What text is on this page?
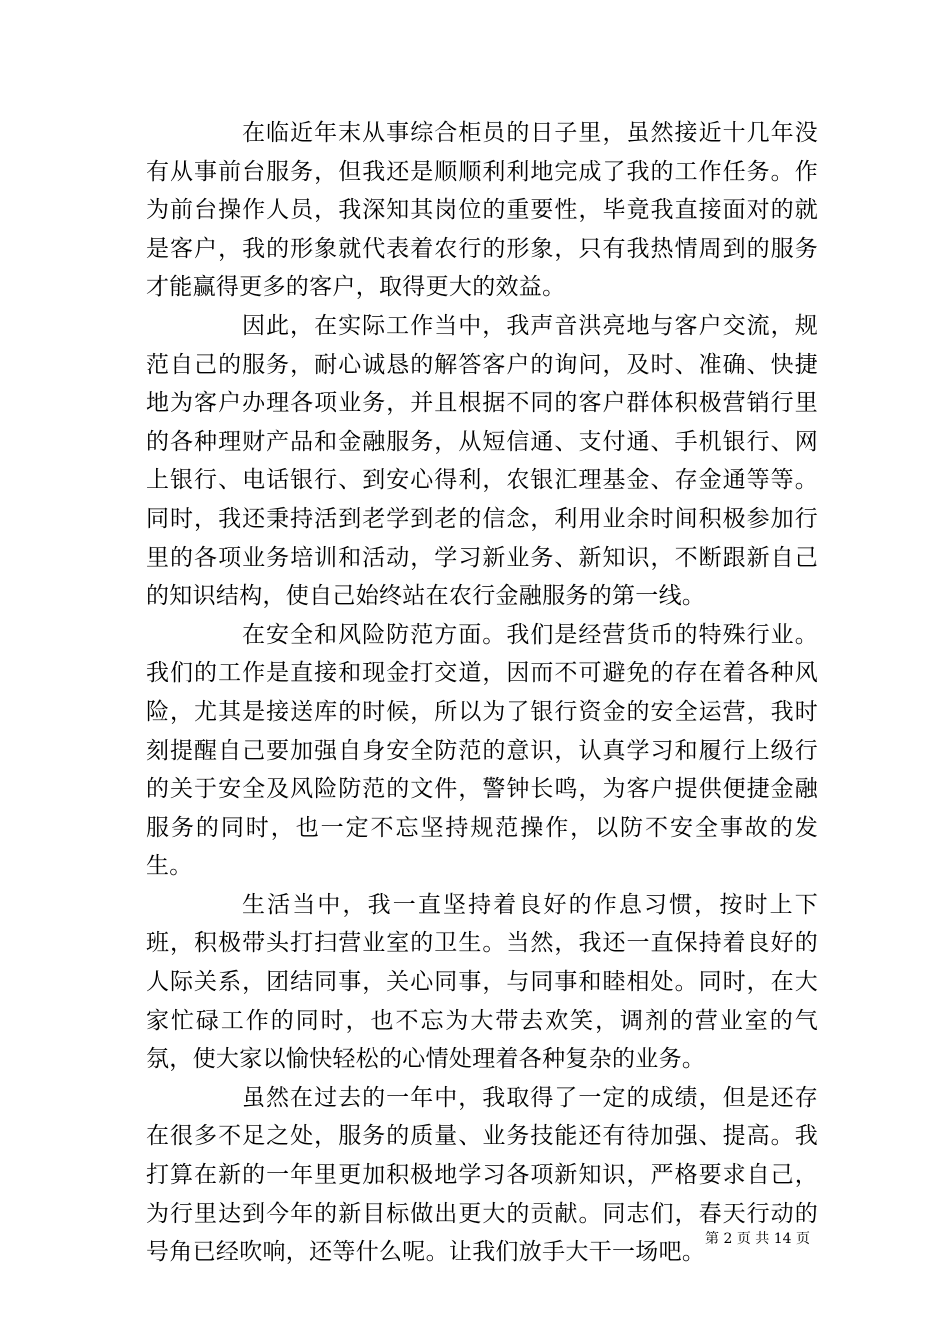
在临近年末从事综合柜员的日子里，虽然接近十几年没有从事前台服务，但我还是顺顺利利地完成了我的工作任务。作为前台操作人员，我深知其岗位的重要性，毕竟我直接面对的就是客户，我的形象就代表着农行的形象，只有我热情周到的服务才能赢得更多的客户，取得更大的效益。

因此，在实际工作当中，我声音洪亮地与客户交流，规范自己的服务，耐心诚恳的解答客户的询问，及时、准确、快捷地为客户办理各项业务，并且根据不同的客户群体积极营销行里的各种理财产品和金融服务，从短信通、支付通、手机银行、网上银行、电话银行、到安心得利，农银汇理基金、存金通等等。同时，我还秉持活到老学到老的信念，利用业余时间积极参加行里的各项业务培训和活动，学习新业务、新知识，不断跟新自己的知识结构，使自己始终站在农行金融服务的第一线。

在安全和风险防范方面。我们是经营货币的特殊行业。我们的工作是直接和现金打交道，因而不可避免的存在着各种风险，尤其是接送库的时候，所以为了银行资金的安全运营，我时刻提醒自己要加强自身安全防范的意识，认真学习和履行上级行的关于安全及风险防范的文件，警钟长鸣，为客户提供便捷金融服务的同时，也一定不忘坚持规范操作，以防不安全事故的发生。

生活当中，我一直坚持着良好的作息习惯，按时上下班，积极带头打扫营业室的卫生。当然，我还一直保持着良好的人际关系，团结同事，关心同事，与同事和睦相处。同时，在大家忙碌工作的同时，也不忘为大带去欢笑，调剂的营业室的气氛，使大家以愉快轻松的心情处理着各种复杂的业务。

虽然在过去的一年中，我取得了一定的成绩，但是还存在很多不足之处，服务的质量、业务技能还有待加强、提高。我打算在新的一年里更加积极地学习各项新知识，严格要求自己，为行里达到今年的新目标做出更大的贡献。同志们，春天行动的号角已经吹响，还等什么呢。让我们放手大干一场吧。

第 2 页 共 14 页
